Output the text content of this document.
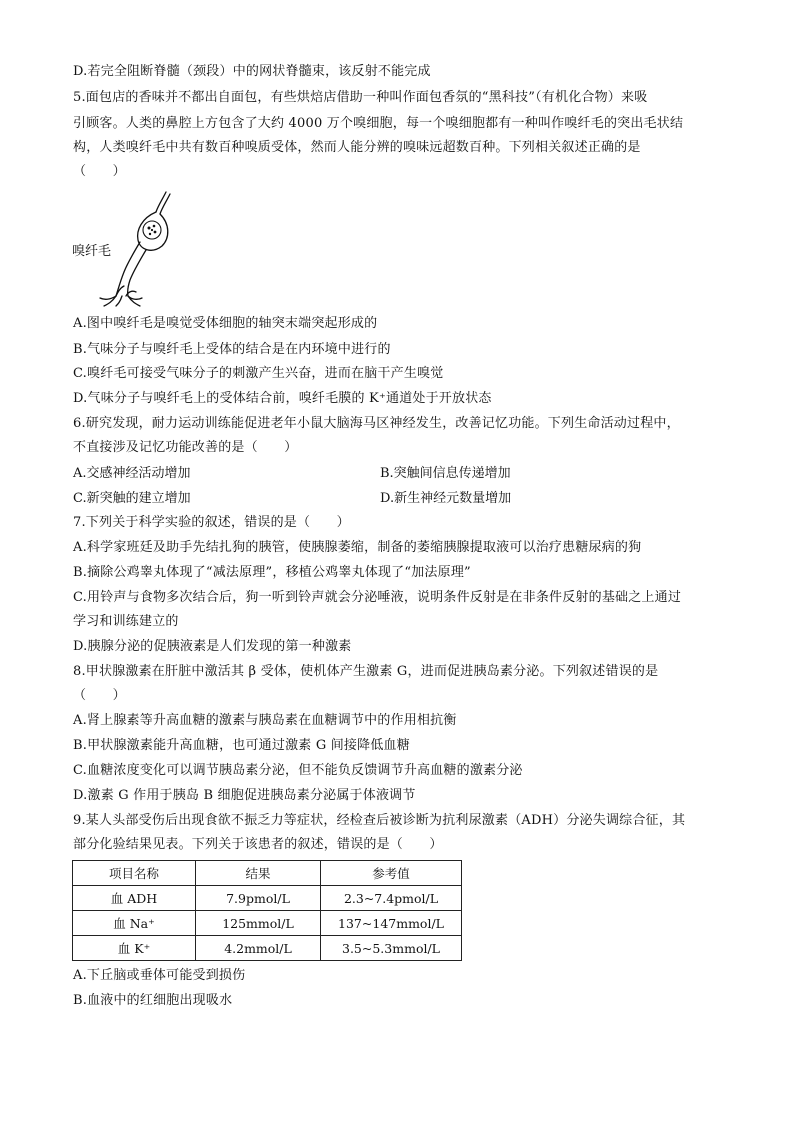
D.若完全阻断脊髓（颈段）中的网状脊髓束，该反射不能完成
5.面包店的香味并不都出自面包，有些烘焙店借助一种叫作面包香氛的“黑科技”（有机化合物）来吸
引顾客。人类的鼻腔上方包含了大约 4000 万个嗅细胞，每一个嗅细胞都有一种叫作嗅纤毛的突出毛状结
构，人类嗅纤毛中共有数百种嗅质受体，然而人能分辨的嗅味远超数百种。下列相关叙述正确的是
（　　）
嗅纤毛
A.图中嗅纤毛是嗅觉受体细胞的轴突末端突起形成的
B.气味分子与嗅纤毛上受体的结合是在内环境中进行的
C.嗅纤毛可接受气味分子的刺激产生兴奋，进而在脑干产生嗅觉
D.气味分子与嗅纤毛上的受体结合前，嗅纤毛膜的 K⁺通道处于开放状态
6.研究发现，耐力运动训练能促进老年小鼠大脑海马区神经发生，改善记忆功能。下列生命活动过程中，
不直接涉及记忆功能改善的是（　　）
A.交感神经活动增加	B.突触间信息传递增加
C.新突触的建立增加	D.新生神经元数量增加
7.下列关于科学实验的叙述，错误的是（　　）
A.科学家班廷及助手先结扎狗的胰管，使胰腺萎缩，制备的萎缩胰腺提取液可以治疗患糖尿病的狗
B.摘除公鸡睾丸体现了“减法原理”，移植公鸡睾丸体现了“加法原理”
C.用铃声与食物多次结合后，狗一听到铃声就会分泌唾液，说明条件反射是在非条件反射的基础之上通过
学习和训练建立的
D.胰腺分泌的促胰液素是人们发现的第一种激素
8.甲状腺激素在肝脏中激活其 β 受体，使机体产生激素 G，进而促进胰岛素分泌。下列叙述错误的是
（　　）
A.肾上腺素等升高血糖的激素与胰岛素在血糖调节中的作用相抗衡
B.甲状腺激素能升高血糖，也可通过激素 G 间接降低血糖
C.血糖浓度变化可以调节胰岛素分泌，但不能负反馈调节升高血糖的激素分泌
D.激素 G 作用于胰岛 B 细胞促进胰岛素分泌属于体液调节
9.某人头部受伤后出现食欲不振乏力等症状，经检查后被诊断为抗利尿激素（ADH）分泌失调综合征，其
部分化验结果见表。下列关于该患者的叙述，错误的是（　　）
项目名称	结果	参考值
血 ADH	7.9pmol/L	2.3~7.4pmol/L
血 Na⁺	125mmol/L	137~147mmol/L
血 K⁺	4.2mmol/L	3.5~5.3mmol/L
A.下丘脑或垂体可能受到损伤
B.血液中的红细胞出现吸水
